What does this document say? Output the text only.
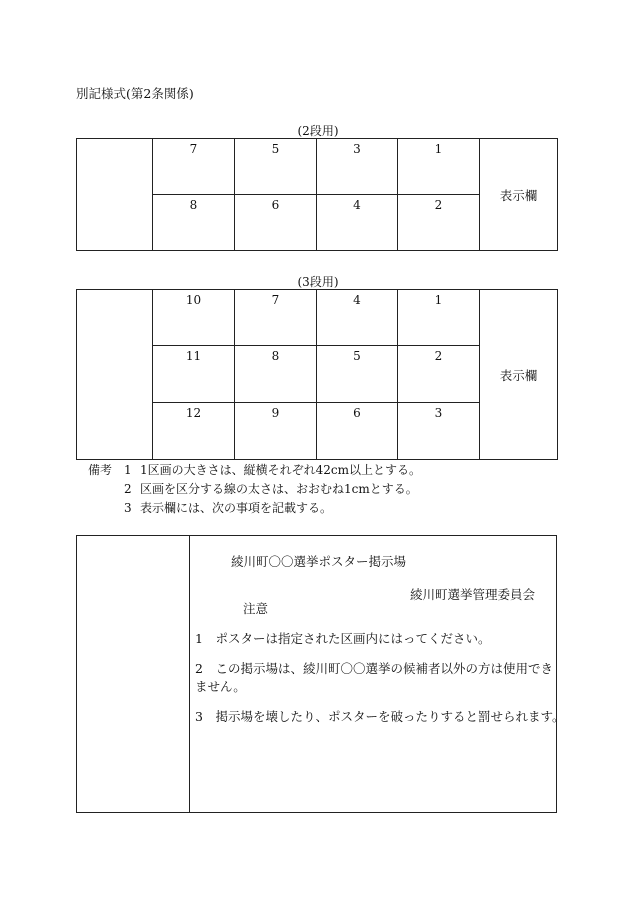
別記様式(第2条関係)
(2段用)
	7	5	3	1	表示欄
	8	6	4	2	
(3段用)
	10	7	4	1	表示欄
	11	8	5	2	
	12	9	6	3	
備考 1 1区画の大きさは、縦横それぞれ42cm以上とする。
2 区画を区分する線の太さは、おおむね1cmとする。
3 表示欄には、次の事項を記載する。
綾川町〇〇選挙ポスター掲示場
綾川町選挙管理委員会
注意
1　ポスターは指定された区画内にはってください。
2　この掲示場は、綾川町〇〇選挙の候補者以外の方は使用できません。
3　掲示場を壊したり、ポスターを破ったりすると罰せられます。
